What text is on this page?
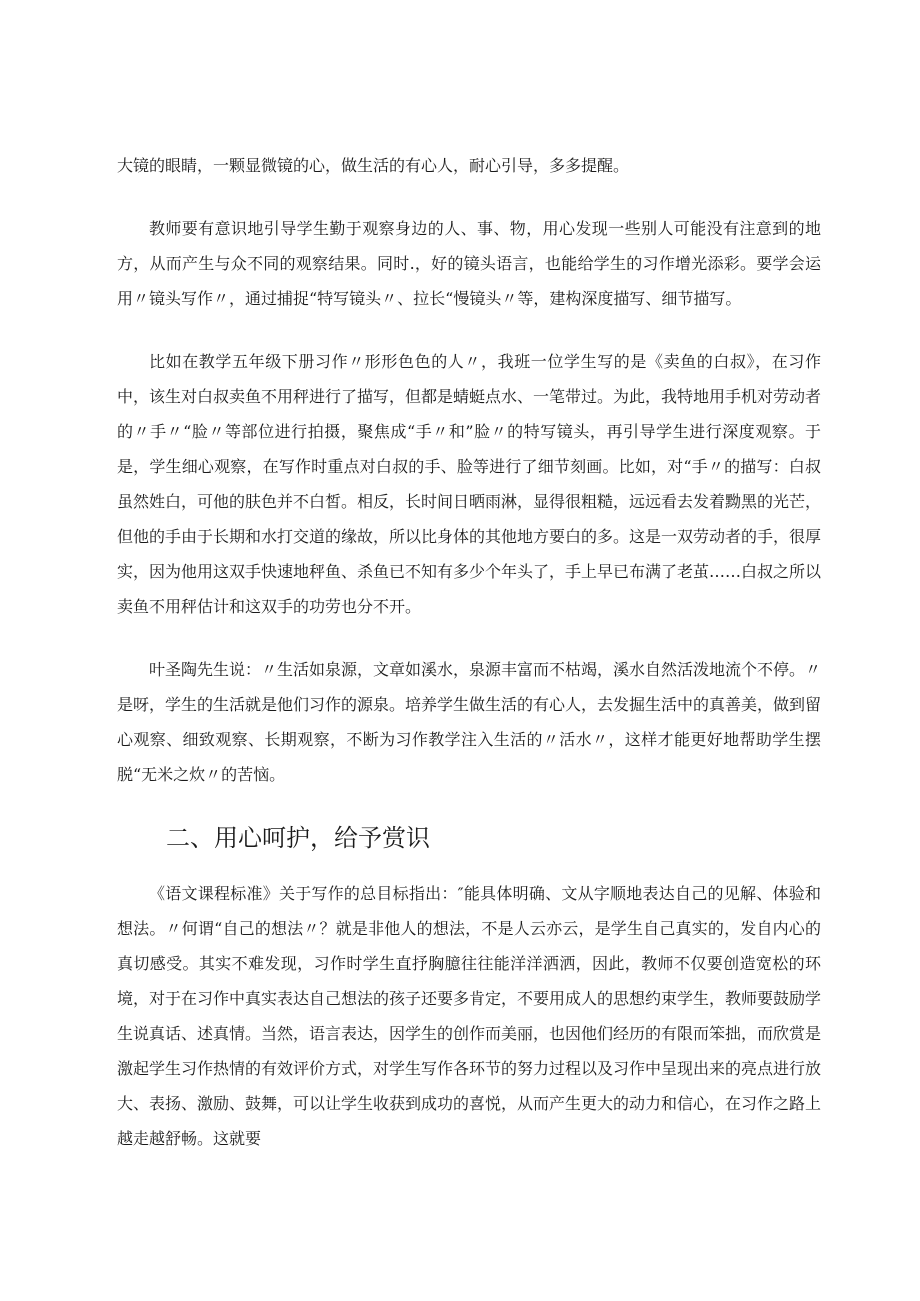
大镜的眼睛，一颗显微镜的心，做生活的有心人，耐心引导，多多提醒。

教师要有意识地引导学生勤于观察身边的人、事、物，用心发现一些别人可能没有注意到的地方，从而产生与众不同的观察结果。同时.，好的镜头语言，也能给学生的习作增光添彩。要学会运用〃镜头写作〃，通过捕捉“特写镜头〃、拉长“慢镜头〃等，建构深度描写、细节描写。

比如在教学五年级下册习作〃形形色色的人〃，我班一位学生写的是《卖鱼的白叔》，在习作中，该生对白叔卖鱼不用秤进行了描写，但都是蜻蜓点水、一笔带过。为此，我特地用手机对劳动者的〃手〃“脸〃等部位进行拍摄，聚焦成“手〃和”脸〃的特写镜头，再引导学生进行深度观察。于是，学生细心观察，在写作时重点对白叔的手、脸等进行了细节刻画。比如，对“手〃的描写：白叔虽然姓白，可他的肤色并不白皙。相反，长时间日晒雨淋，显得很粗糙，远远看去发着黝黑的光芒，但他的手由于长期和水打交道的缘故，所以比身体的其他地方要白的多。这是一双劳动者的手，很厚实，因为他用这双手快速地秤鱼、杀鱼已不知有多少个年头了，手上早已布满了老茧……白叔之所以卖鱼不用秤估计和这双手的功劳也分不开。

叶圣陶先生说：〃生活如泉源，文章如溪水，泉源丰富而不枯竭，溪水自然活泼地流个不停。〃是呀，学生的生活就是他们习作的源泉。培养学生做生活的有心人，去发掘生活中的真善美，做到留心观察、细致观察、长期观察，不断为习作教学注入生活的〃活水〃，这样才能更好地帮助学生摆脱“无米之炊〃的苦恼。

二、用心呵护，给予赏识

《语文课程标准》关于写作的总目标指出：″能具体明确、文从字顺地表达自己的见解、体验和想法。〃何谓“自己的想法〃？就是非他人的想法，不是人云亦云，是学生自己真实的，发自内心的真切感受。其实不难发现，习作时学生直抒胸臆往往能洋洋洒洒，因此，教师不仅要创造宽松的环境，对于在习作中真实表达自己想法的孩子还要多肯定，不要用成人的思想约束学生，教师要鼓励学生说真话、述真情。当然，语言表达，因学生的创作而美丽，也因他们经历的有限而笨拙，而欣赏是激起学生习作热情的有效评价方式，对学生写作各环节的努力过程以及习作中呈现出来的亮点进行放大、表扬、激励、鼓舞，可以让学生收获到成功的喜悦，从而产生更大的动力和信心，在习作之路上越走越舒畅。这就要
